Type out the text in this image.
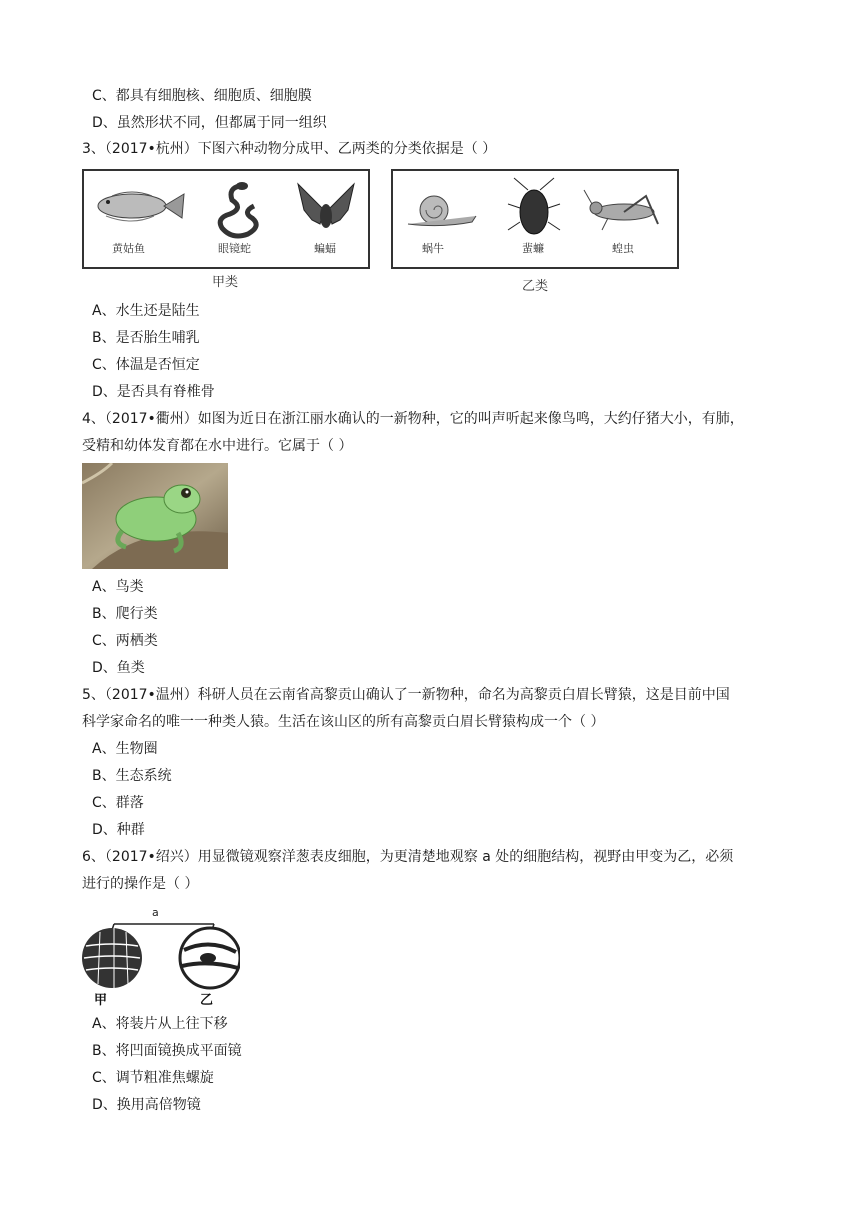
C、都具有细胞核、细胞质、细胞膜
D、虽然形状不同，但都属于同一组织
3、（2017•杭州）下图六种动物分成甲、乙两类的分类依据是（ ）
黄姑鱼	眼镜蛇	蝙蝠	蜗牛	蜚蠊	蝗虫
甲类	乙类
A、水生还是陆生
B、是否胎生哺乳
C、体温是否恒定
D、是否具有脊椎骨
4、（2017•衢州）如图为近日在浙江丽水确认的一新物种，它的叫声听起来像鸟鸣，大约仔猪大小，有肺，
受精和幼体发育都在水中进行。它属于（ ）
A、鸟类
B、爬行类
C、两栖类
D、鱼类
5、（2017•温州）科研人员在云南省高黎贡山确认了一新物种，命名为高黎贡白眉长臂猿，这是目前中国
科学家命名的唯一一种类人猿。生活在该山区的所有高黎贡白眉长臂猿构成一个（ ）
A、生物圈
B、生态系统
C、群落
D、种群
6、（2017•绍兴）用显微镜观察洋葱表皮细胞，为更清楚地观察 a 处的细胞结构，视野由甲变为乙，必须
进行的操作是（ ）
a
甲	乙
A、将装片从上往下移
B、将凹面镜换成平面镜
C、调节粗准焦螺旋
D、换用高倍物镜
